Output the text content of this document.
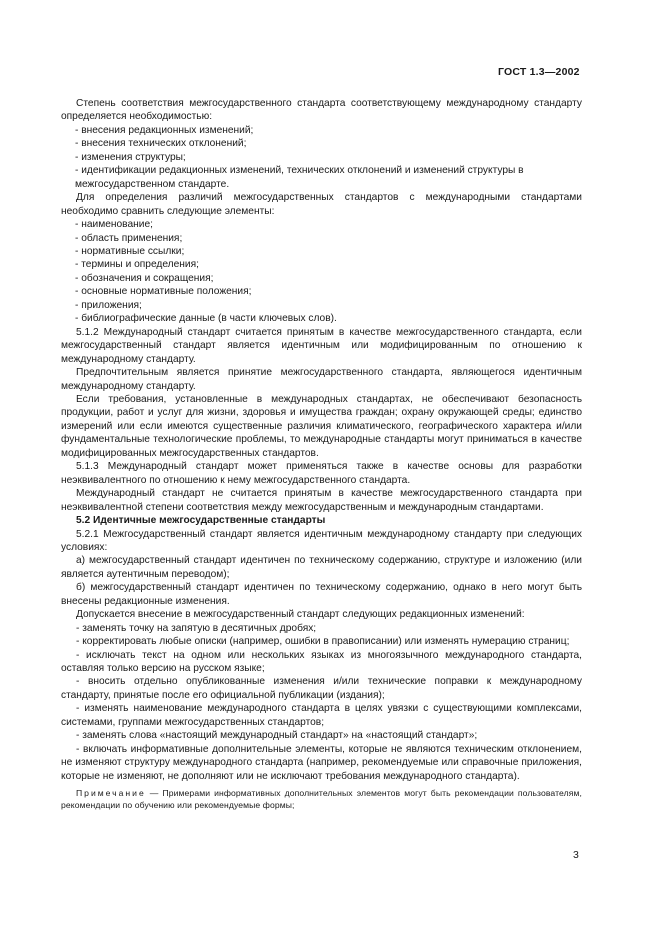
ГОСТ 1.3—2002

Степень соответствия межгосударственного стандарта соответствующему международному стандарту определяется необходимостью:

- внесения редакционных изменений;

- внесения технических отклонений;

- изменения структуры;

- идентификации редакционных изменений, технических отклонений и изменений структуры в межгосударственном стандарте.

Для определения различий межгосударственных стандартов с международными стандартами необходимо сравнить следующие элементы:

- наименование;

- область применения;

- нормативные ссылки;

- термины и определения;

- обозначения и сокращения;

- основные нормативные положения;

- приложения;

- библиографические данные (в части ключевых слов).

5.1.2 Международный стандарт считается принятым в качестве межгосударственного стандарта, если межгосударственный стандарт является идентичным или модифицированным по отношению к международному стандарту.

Предпочтительным является принятие межгосударственного стандарта, являющегося идентичным международному стандарту.

Если требования, установленные в международных стандартах, не обеспечивают безопасность продукции, работ и услуг для жизни, здоровья и имущества граждан; охрану окружающей среды; единство измерений или если имеются существенные различия климатического, географического характера и/или фундаментальные технологические проблемы, то международные стандарты могут приниматься в качестве модифицированных межгосударственных стандартов.

5.1.3 Международный стандарт может применяться также в качестве основы для разработки неэквивалентного по отношению к нему межгосударственного стандарта.

Международный стандарт не считается принятым в качестве межгосударственного стандарта при неэквивалентной степени соответствия между межгосударственным и международным стандартами.

5.2 Идентичные межгосударственные стандарты

5.2.1 Межгосударственный стандарт является идентичным международному стандарту при следующих условиях:

а) межгосударственный стандарт идентичен по техническому содержанию, структуре и изложению (или является аутентичным переводом);

б) межгосударственный стандарт идентичен по техническому содержанию, однако в него могут быть внесены редакционные изменения.

Допускается внесение в межгосударственный стандарт следующих редакционных изменений:

- заменять точку на запятую в десятичных дробях;

- корректировать любые описки (например, ошибки в правописании) или изменять нумерацию страниц;

- исключать текст на одном или нескольких языках из многоязычного международного стандарта, оставляя только версию на русском языке;

- вносить отдельно опубликованные изменения и/или технические поправки к международному стандарту, принятые после его официальной публикации (издания);

- изменять наименование международного стандарта в целях увязки с существующими комплексами, системами, группами межгосударственных стандартов;

- заменять слова «настоящий международный стандарт» на «настоящий стандарт»;

- включать информативные дополнительные элементы, которые не являются техническим отклонением, не изменяют структуру международного стандарта (например, рекомендуемые или справочные приложения, которые не изменяют, не дополняют или не исключают требования международного стандарта).

Примечание — Примерами информативных дополнительных элементов могут быть рекомендации пользователям, рекомендации по обучению или рекомендуемые формы;

3
